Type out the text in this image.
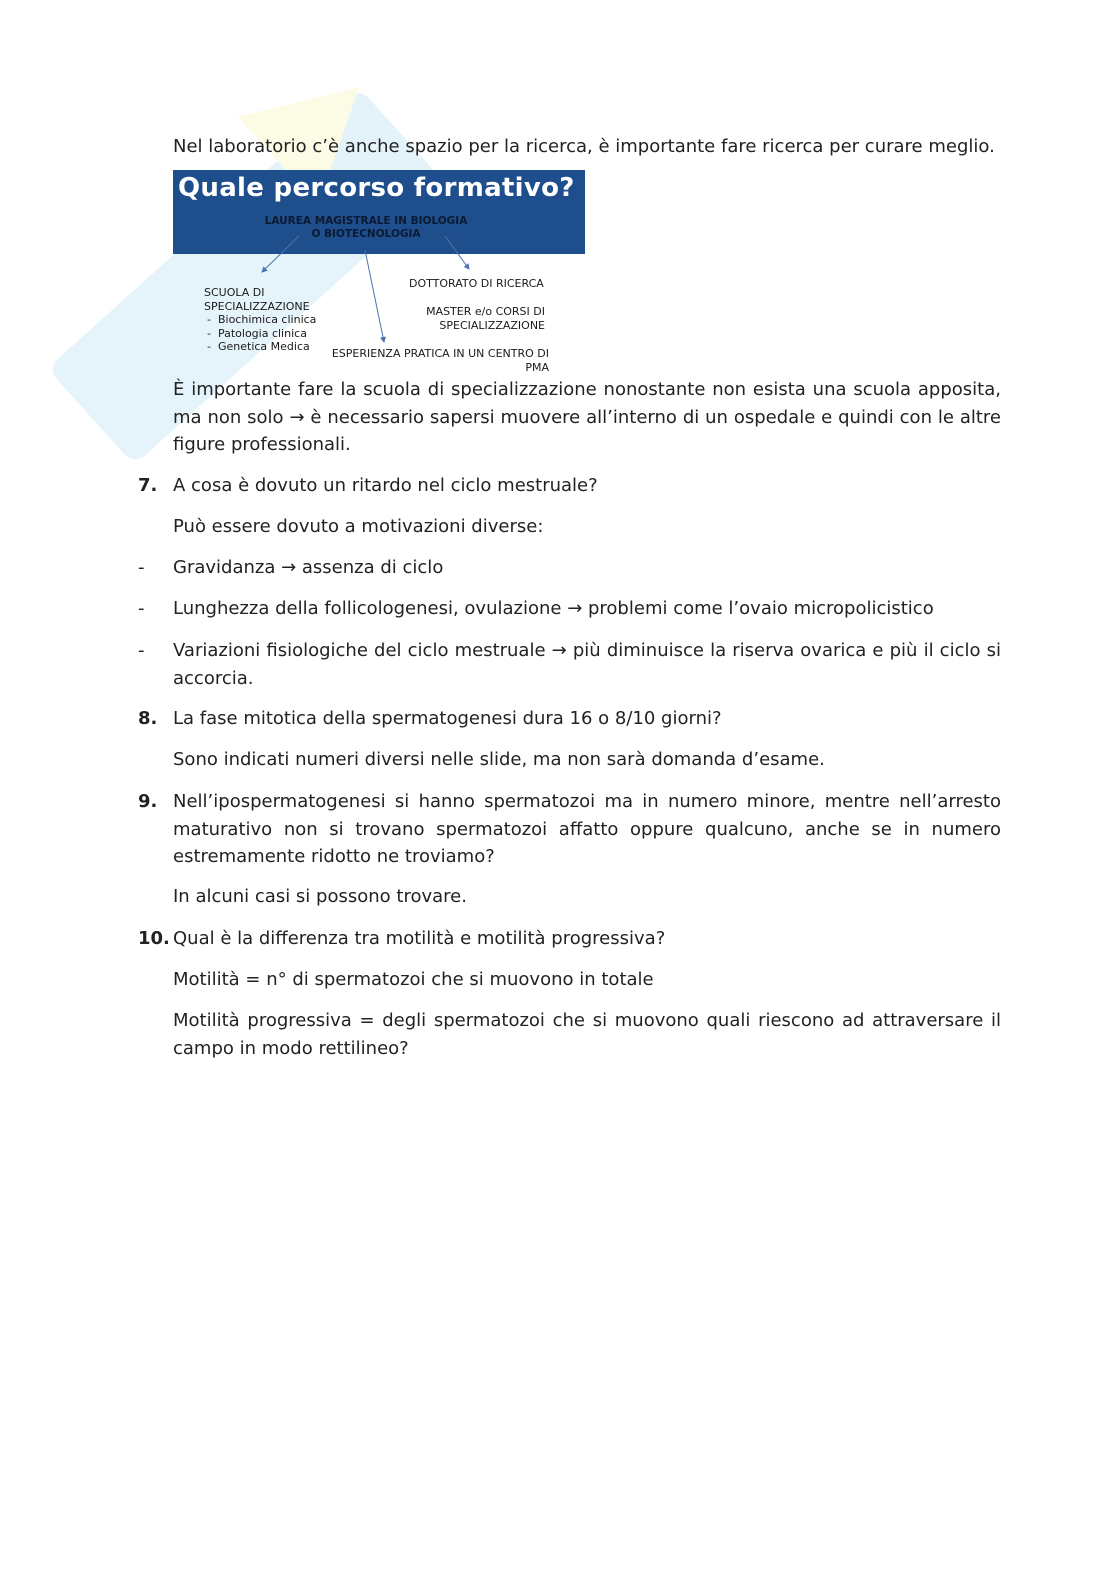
Nel laboratorio c’è anche spazio per la ricerca, è importante fare ricerca per curare meglio.
Quale percorso formativo?
LAUREA MAGISTRALE IN BIOLOGIA
O BIOTECNOLOGIA
SCUOLA DI
SPECIALIZZAZIONE
-  Biochimica clinica
-  Patologia clinica
-  Genetica Medica
DOTTORATO DI RICERCA
MASTER e/o CORSI DI
SPECIALIZZAZIONE
ESPERIENZA PRATICA IN UN CENTRO DI
PMA
È importante fare la scuola di specializzazione nonostante non esista una scuola apposita, ma non solo → è necessario sapersi muovere all’interno di un ospedale e quindi con le altre figure professionali.
7. A cosa è dovuto un ritardo nel ciclo mestruale?
Può essere dovuto a motivazioni diverse:
-	Gravidanza → assenza di ciclo
-	Lunghezza della follicologenesi, ovulazione → problemi come l’ovaio micropolicistico
-	Variazioni fisiologiche del ciclo mestruale → più diminuisce la riserva ovarica e più il ciclo si accorcia.
8. La fase mitotica della spermatogenesi dura 16 o 8/10 giorni?
Sono indicati numeri diversi nelle slide, ma non sarà domanda d’esame.
9. Nell’ipospermatogenesi si hanno spermatozoi ma in numero minore, mentre nell’arresto maturativo non si trovano spermatozoi affatto oppure qualcuno, anche se in numero estremamente ridotto ne troviamo?
In alcuni casi si possono trovare.
10. Qual è la differenza tra motilità e motilità progressiva?
Motilità = n° di spermatozoi che si muovono in totale
Motilità progressiva = degli spermatozoi che si muovono quali riescono ad attraversare il campo in modo rettilineo?
